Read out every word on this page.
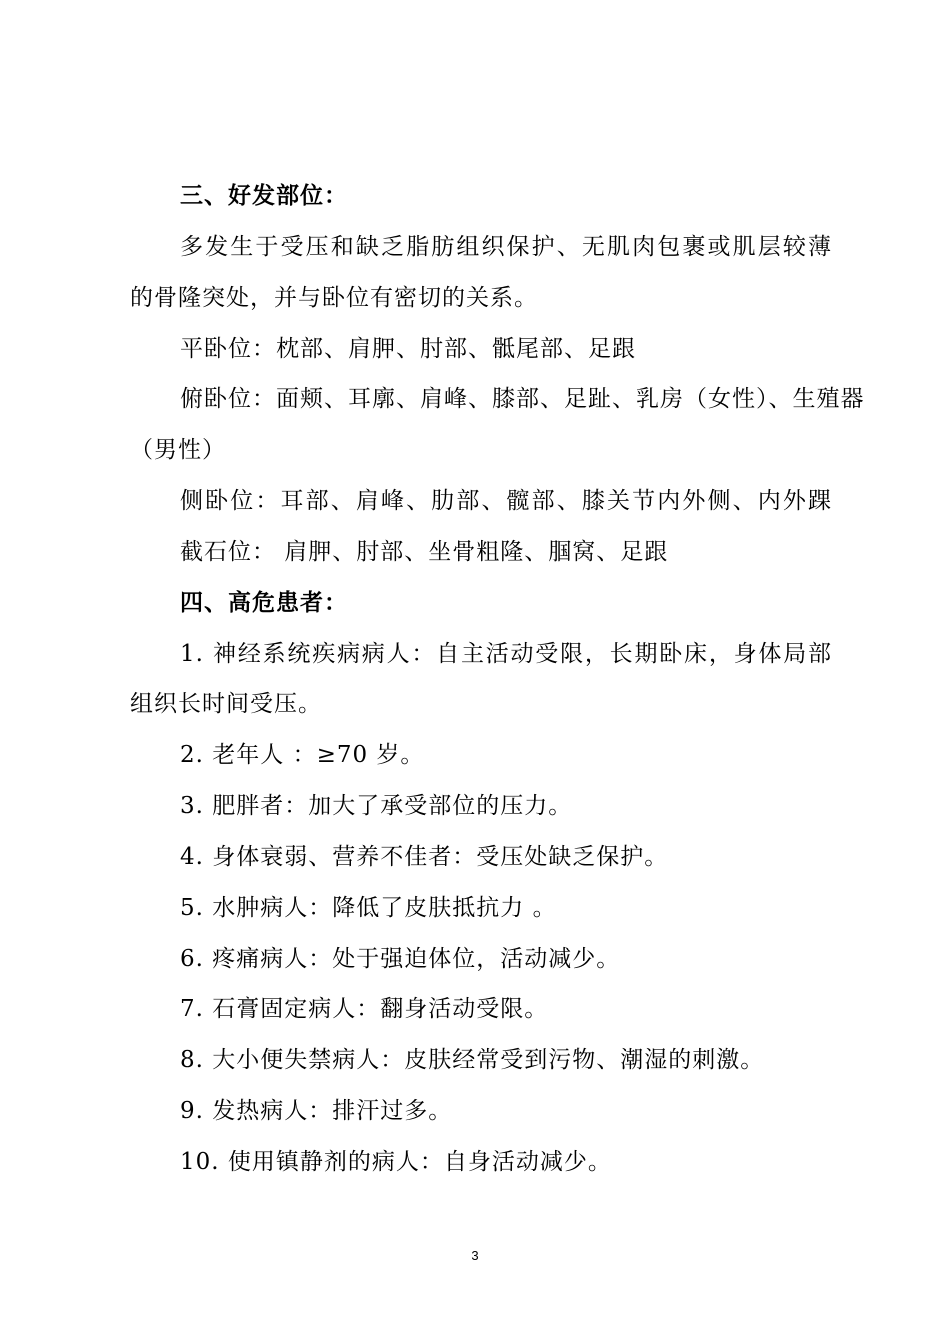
三、好发部位：
多发生于受压和缺乏脂肪组织保护、无肌肉包裹或肌层较薄
的骨隆突处，并与卧位有密切的关系。
平卧位：枕部、肩胛、肘部、骶尾部、足跟
俯卧位：面颊、耳廓、肩峰、膝部、足趾、乳房（女性）、生殖器
（男性）
侧卧位：耳部、肩峰、肋部、髋部、膝关节内外侧、内外踝
截石位： 肩胛、肘部、坐骨粗隆、腘窝、足跟
四、高危患者：
1. 神经系统疾病病人：自主活动受限，长期卧床，身体局部
组织长时间受压。
2. 老年人 ：≥70 岁。
3. 肥胖者：加大了承受部位的压力。
4. 身体衰弱、营养不佳者：受压处缺乏保护。
5. 水肿病人：降低了皮肤抵抗力 。
6. 疼痛病人：处于强迫体位，活动减少。
7. 石膏固定病人：翻身活动受限。
8. 大小便失禁病人：皮肤经常受到污物、潮湿的刺激。
9. 发热病人：排汗过多。
10. 使用镇静剂的病人：自身活动减少。
3
